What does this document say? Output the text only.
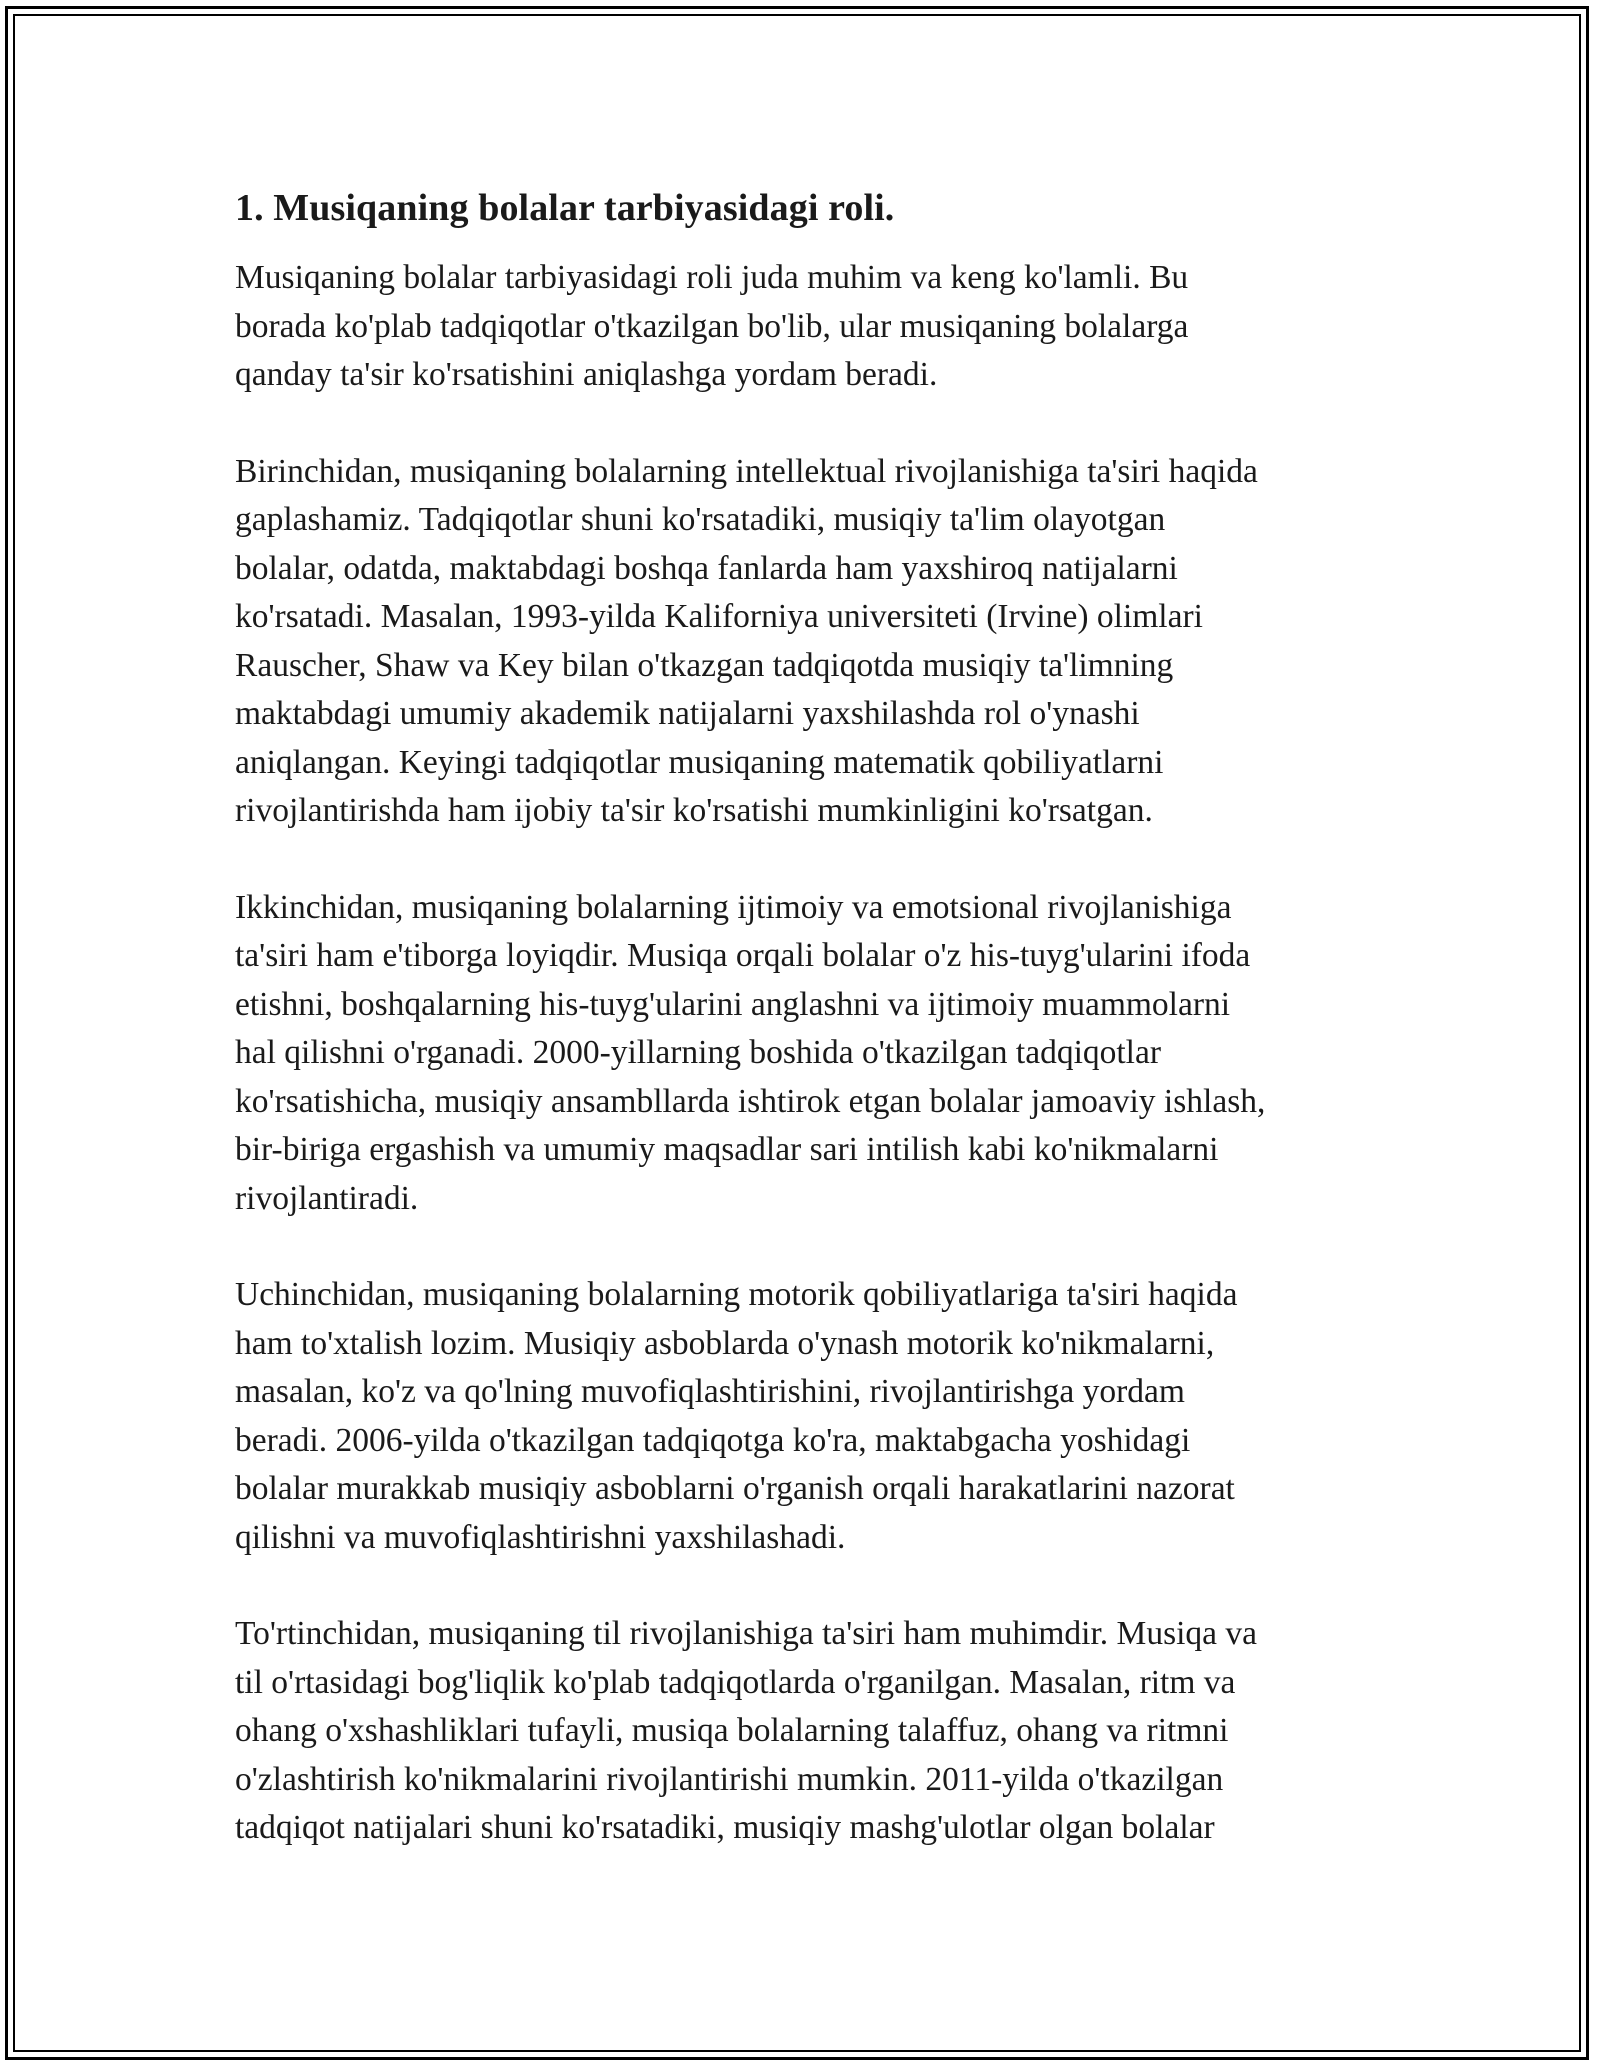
1. Musiqaning bolalar tarbiyasidagi roli.

Musiqaning bolalar tarbiyasidagi roli juda muhim va keng ko'lamli. Bu
borada ko'plab tadqiqotlar o'tkazilgan bo'lib, ular musiqaning bolalarga
qanday ta'sir ko'rsatishini aniqlashga yordam beradi.

Birinchidan, musiqaning bolalarning intellektual rivojlanishiga ta'siri haqida
gaplashamiz. Tadqiqotlar shuni ko'rsatadiki, musiqiy ta'lim olayotgan
bolalar, odatda, maktabdagi boshqa fanlarda ham yaxshiroq natijalarni
ko'rsatadi. Masalan, 1993-yilda Kaliforniya universiteti (Irvine) olimlari
Rauscher, Shaw va Key bilan o'tkazgan tadqiqotda musiqiy ta'limning
maktabdagi umumiy akademik natijalarni yaxshilashda rol o'ynashi
aniqlangan. Keyingi tadqiqotlar musiqaning matematik qobiliyatlarni
rivojlantirishda ham ijobiy ta'sir ko'rsatishi mumkinligini ko'rsatgan.

Ikkinchidan, musiqaning bolalarning ijtimoiy va emotsional rivojlanishiga
ta'siri ham e'tiborga loyiqdir. Musiqa orqali bolalar o'z his-tuyg'ularini ifoda
etishni, boshqalarning his-tuyg'ularini anglashni va ijtimoiy muammolarni
hal qilishni o'rganadi. 2000-yillarning boshida o'tkazilgan tadqiqotlar
ko'rsatishicha, musiqiy ansambllarda ishtirok etgan bolalar jamoaviy ishlash,
bir-biriga ergashish va umumiy maqsadlar sari intilish kabi ko'nikmalarni
rivojlantiradi.

Uchinchidan, musiqaning bolalarning motorik qobiliyatlariga ta'siri haqida
ham to'xtalish lozim. Musiqiy asboblarda o'ynash motorik ko'nikmalarni,
masalan, ko'z va qo'lning muvofiqlashtirishini, rivojlantirishga yordam
beradi. 2006-yilda o'tkazilgan tadqiqotga ko'ra, maktabgacha yoshidagi
bolalar murakkab musiqiy asboblarni o'rganish orqali harakatlarini nazorat
qilishni va muvofiqlashtirishni yaxshilashadi.

To'rtinchidan, musiqaning til rivojlanishiga ta'siri ham muhimdir. Musiqa va
til o'rtasidagi bog'liqlik ko'plab tadqiqotlarda o'rganilgan. Masalan, ritm va
ohang o'xshashliklari tufayli, musiqa bolalarning talaffuz, ohang va ritmni
o'zlashtirish ko'nikmalarini rivojlantirishi mumkin. 2011-yilda o'tkazilgan
tadqiqot natijalari shuni ko'rsatadiki, musiqiy mashg'ulotlar olgan bolalar
